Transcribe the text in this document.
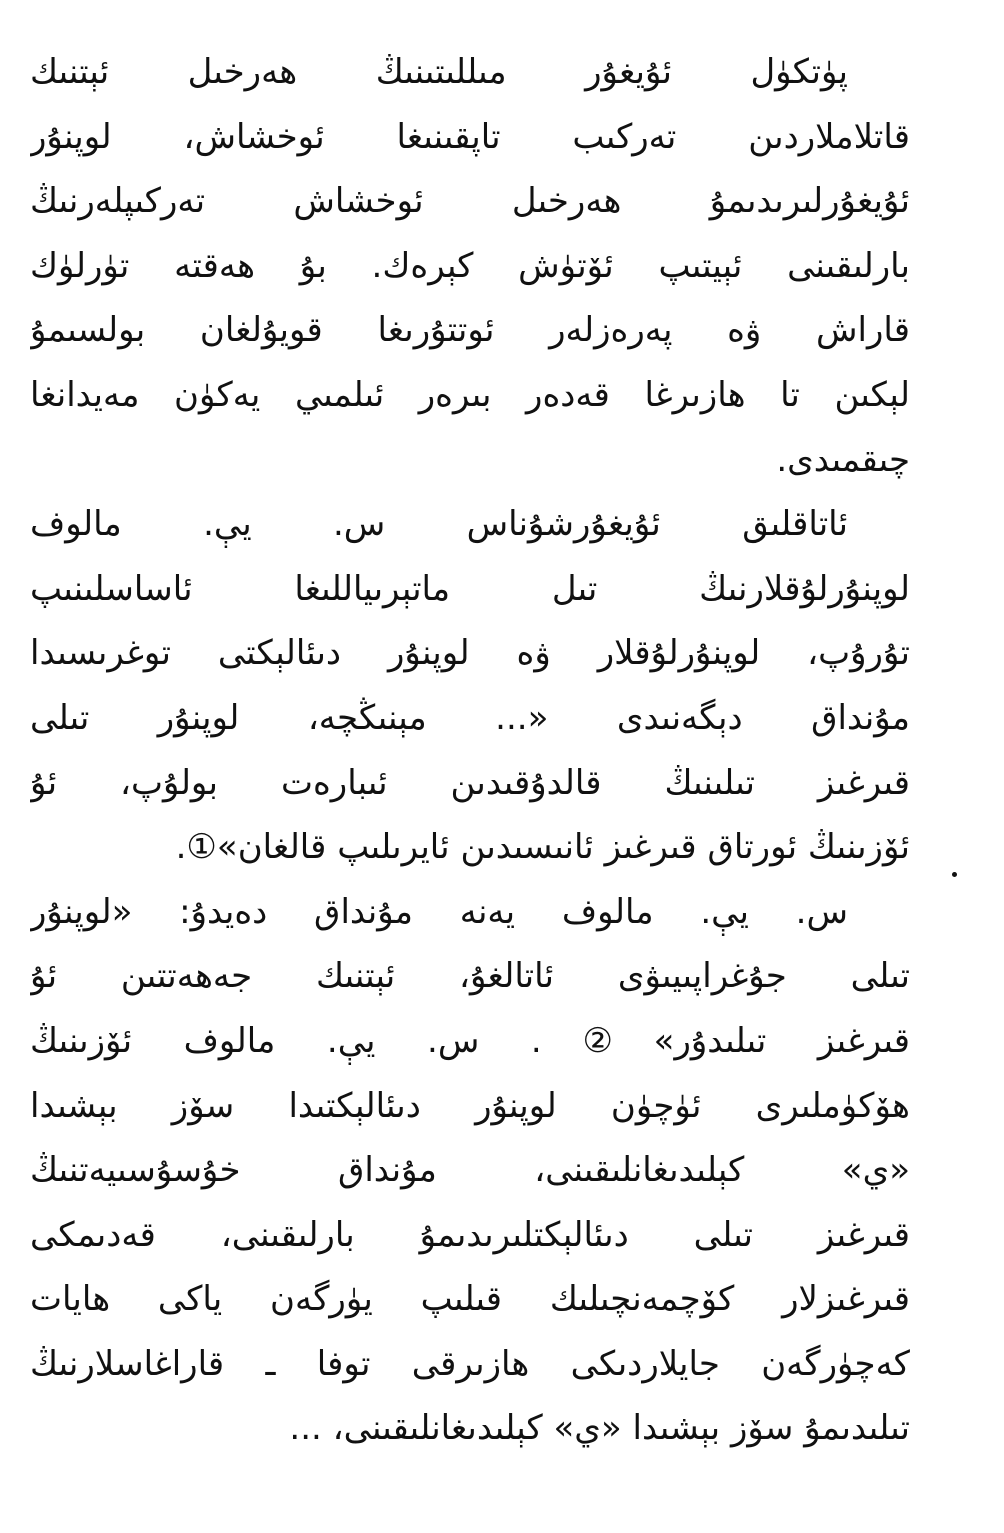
پۈتكۈل ئۇيغۇر مىللىتىنىڭ ھەرخىل ئېتنىك
قاتلاملاردىن تەركىب تاپقىنىغا ئوخشاش، لوپنۇر
ئۇيغۇرلىرىدىمۇ ھەرخىل ئوخشاش تەركىپلەرنىڭ
بارلىقىنى ئېيتىپ ئۆتۈش كېرەك. بۇ ھەقتە تۈرلۈك
قاراش ۋە پەرەزلەر ئوتتۇرىغا قويۇلغان بولسىمۇ
لېكىن تا ھازىرغا قەدەر بىرەر ئىلمىي يەكۈن مەيدانغا
چىقمىدى.
ئاتاقلىق ئۇيغۇرشۇناس س. يې. مالوف
لوپنۇرلۇقلارنىڭ تىل ماتېرىياللىغا ئاساسلىنىپ
تۇرۇپ، لوپنۇرلۇقلار ۋە لوپنۇر دىئالېكتى توغرىسىدا
مۇنداق دېگەنىدى «... مېنىڭچە، لوپنۇر تىلى
قىرغىز تىلىنىڭ قالدۇقىدىن ئىبارەت بولۇپ، ئۇ
ئۆزىنىڭ ئورتاق قىرغىز ئانىسىدىن ئايرىلىپ قالغان»①.
س. يې. مالوف يەنە مۇنداق دەيدۇ: «لوپنۇر
تىلى جۇغراپىيىۋى ئاتالغۇ، ئېتنىك جەھەتتىن ئۇ
قىرغىز تىلىدۇر»②. س. يې. مالوف ئۆزىنىڭ
ھۆكۈملىرى ئۈچۈن لوپنۇر دىئالېكتىدا سۆز بېشىدا
«ي» كېلىدىغانلىقىنى، مۇنداق خۇسۇسىيەتنىڭ
قىرغىز تىلى دىئالېكتلىرىدىمۇ بارلىقىنى، قەدىمكى
قىرغىزلار كۆچمەنچىلىك قىلىپ يۈرگەن ياكى ھايات
كەچۈرگەن جايلاردىكى ھازىرقى توفا ـ قاراغاسلارنىڭ
تىلىدىمۇ سۆز بېشىدا «ي» كېلىدىغانلىقىنى، ...
